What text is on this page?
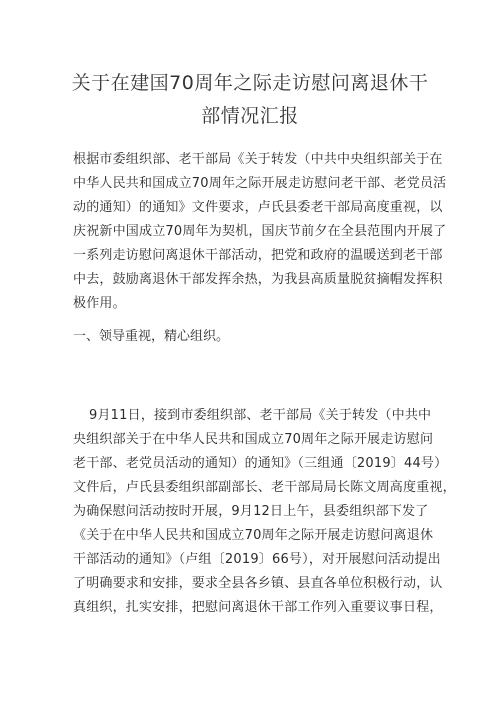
关于在建国70周年之际走访慰问离退休干
部情况汇报

根据市委组织部、老干部局《关于转发（中共中央组织部关于在
中华人民共和国成立70周年之际开展走访慰问老干部、老党员活
动的通知）的通知》文件要求，卢氏县委老干部局高度重视，以
庆祝新中国成立70周年为契机，国庆节前夕在全县范围内开展了
一系列走访慰问离退休干部活动，把党和政府的温暖送到老干部
中去，鼓励离退休干部发挥余热，为我县高质量脱贫摘帽发挥积
极作用。

一、领导重视，精心组织。

9月11日，接到市委组织部、老干部局《关于转发（中共中
央组织部关于在中华人民共和国成立70周年之际开展走访慰问
老干部、老党员活动的通知）的通知》（三组通〔2019〕44号）
文件后，卢氏县委组织部副部长、老干部局局长陈文周高度重视，
为确保慰问活动按时开展，9月12日上午，县委组织部下发了
《关于在中华人民共和国成立70周年之际开展走访慰问离退休
干部活动的通知》（卢组〔2019〕66号），对开展慰问活动提出
了明确要求和安排，要求全县各乡镇、县直各单位积极行动，认
真组织，扎实安排，把慰问离退休干部工作列入重要议事日程，
